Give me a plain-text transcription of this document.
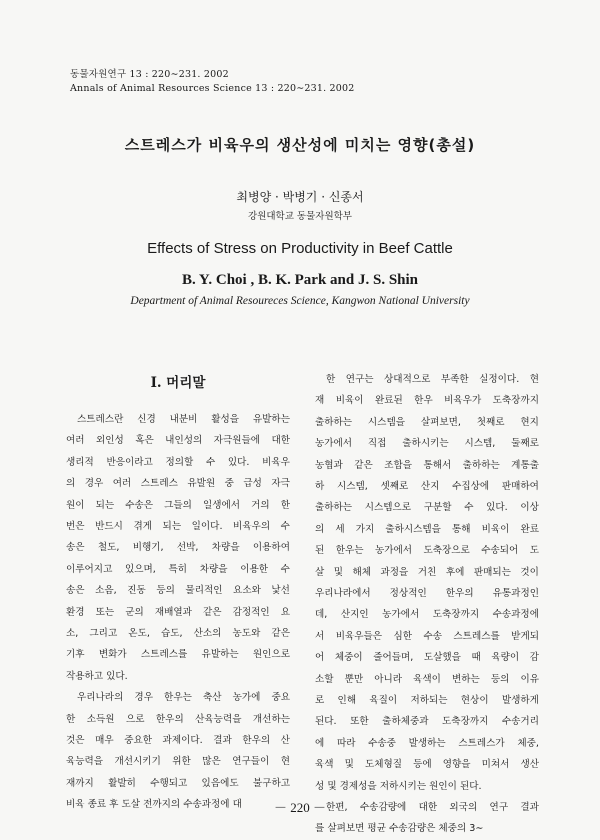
동물자원연구 13 : 220∼231. 2002
Annals of Animal Resources Science 13 : 220∼231. 2002
스트레스가 비육우의 생산성에 미치는 영향(총설)
최병양 · 박병기 · 신종서
강원대학교 동물자원학부
Effects of Stress on Productivity in Beef Cattle
B. Y. Choi , B. K. Park and J. S. Shin
Department of Animal Resoureces Science, Kangwon National University
I. 머리말
스트레스란 신경 내분비 활성을 유발하는
여러 외인성 혹은 내인성의 자극원들에 대한
생리적 반응이라고 정의할 수 있다. 비육우
의 경우 여러 스트레스 유발원 중 급성 자극
원이 되는 수송은 그들의 일생에서 거의 한
번은 반드시 겪게 되는 일이다. 비육우의 수
송은 철도, 비행기, 선박, 차량을 이용하여
이루어지고 있으며, 특히 차량을 이용한 수
송은 소음, 진동 등의 물리적인 요소와 낯선
환경 또는 군의 재배열과 같은 감정적인 요
소, 그리고 온도, 습도, 산소의 농도와 같은
기후 변화가 스트레스를 유발하는 원인으로
작용하고 있다.
우리나라의 경우 한우는 축산 농가에 중요
한 소득원 으로 한우의 산육능력을 개선하는
것은 매우 중요한 과제이다. 결과 한우의 산
육능력을 개선시키기 위한 많은 연구들이 현
재까지 활발히 수행되고 있음에도 불구하고
비육 종료 후 도살 전까지의 수송과정에 대
한 연구는 상대적으로 부족한 실정이다. 현
재 비육이 완료된 한우 비육우가 도축장까지
출하하는 시스템을 살펴보면, 첫째로 현지
농가에서 직접 출하시키는 시스템, 둘째로
농협과 같은 조합을 통해서 출하하는 계통출
하 시스템, 셋째로 산지 수집상에 판매하여
출하하는 시스템으로 구분할 수 있다. 이상
의 세 가지 출하시스템을 통해 비육이 완료
된 한우는 농가에서 도축장으로 수송되어 도
살 및 해체 과정을 거친 후에 판매되는 것이
우리나라에서 정상적인 한우의 유통과정인
데, 산지인 농가에서 도축장까지 수송과정에
서 비육우들은 심한 수송 스트레스를 받게되
어 체중이 줄어들며, 도살했을 때 육량이 감
소할 뿐만 아니라 육색이 변하는 등의 이유
로 인해 육질이 저하되는 현상이 발생하게
된다. 또한 출하체중과 도축장까지 수송거리
에 따라 수송중 발생하는 스트레스가 체중,
육색 및 도체형질 등에 영향을 미쳐서 생산
성 및 경제성을 저하시키는 원인이 된다.
한편, 수송감량에 대한 외국의 연구 결과
를 살펴보면 평균 수송감량은 체중의 3∼
－ 220 －
